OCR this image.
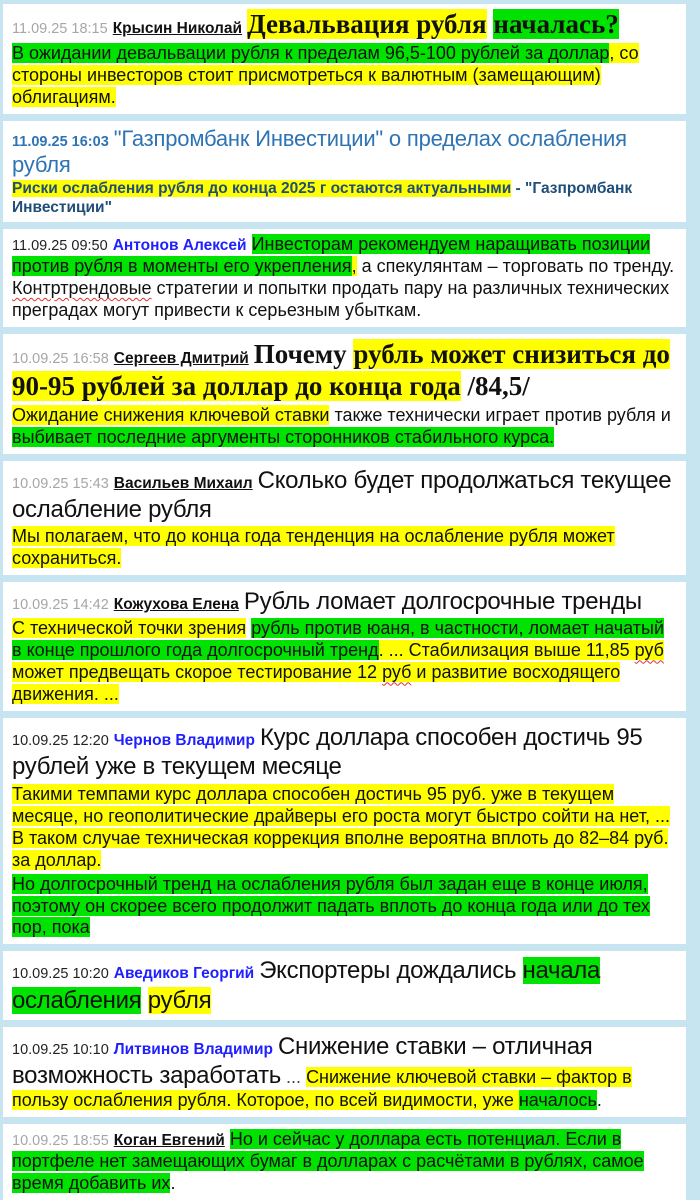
11.09.25 18:15 Крысин Николай Девальвация рубля началась?

В ожидании девальвации рубля к пределам 96,5-100 рублей за доллар, со стороны инвесторов стоит присмотреться к валютным (замещающим) облигациям.

11.09.25 16:03 "Газпромбанк Инвестиции" о пределах ослабления рубля

Риски ослабления рубля до конца 2025 г остаются актуальными - "Газпромбанк Инвестиции"

11.09.25 09:50 Антонов Алексей Инвесторам рекомендуем наращивать позиции против рубля в моменты его укрепления, а спекулянтам – торговать по тренду. Контртрендовые стратегии и попытки продать пару на различных технических преградах могут привести к серьезным убыткам.

10.09.25 16:58 Сергеев Дмитрий Почему рубль может снизиться до 90-95 рублей за доллар до конца года /84,5/

Ожидание снижения ключевой ставки также технически играет против рубля и выбивает последние аргументы сторонников стабильного курса.

10.09.25 15:43 Васильев Михаил Сколько будет продолжаться текущее ослабление рубля

Мы полагаем, что до конца года тенденция на ослабление рубля может сохраниться.

10.09.25 14:42 Кожухова Елена Рубль ломает долгосрочные тренды

С технической точки зрения рубль против юаня, в частности, ломает начатый в конце прошлого года долгосрочный тренд. ... Стабилизация выше 11,85 руб может предвещать скорое тестирование 12 руб и развитие восходящего движения. ...

10.09.25 12:20 Чернов Владимир Курс доллара способен достичь 95 рублей уже в текущем месяце

Такими темпами курс доллара способен достичь 95 руб. уже в текущем месяце, но геополитические драйверы его роста могут быстро сойти на нет, ... В таком случае техническая коррекция вполне вероятна вплоть до 82–84 руб. за доллар.

Но долгосрочный тренд на ослабления рубля был задан еще в конце июля, поэтому он скорее всего продолжит падать вплоть до конца года или до тех пор, пока

10.09.25 10:20 Аведиков Георгий Экспортеры дождались начала ослабления рубля

10.09.25 10:10 Литвинов Владимир Снижение ставки – отличная возможность заработать ... Снижение ключевой ставки – фактор в пользу ослабления рубля. Которое, по всей видимости, уже началось.

10.09.25 18:55 Коган Евгений Но и сейчас у доллара есть потенциал. Если в портфеле нет замещающих бумаг в долларах с расчётами в рублях, самое время добавить их.
